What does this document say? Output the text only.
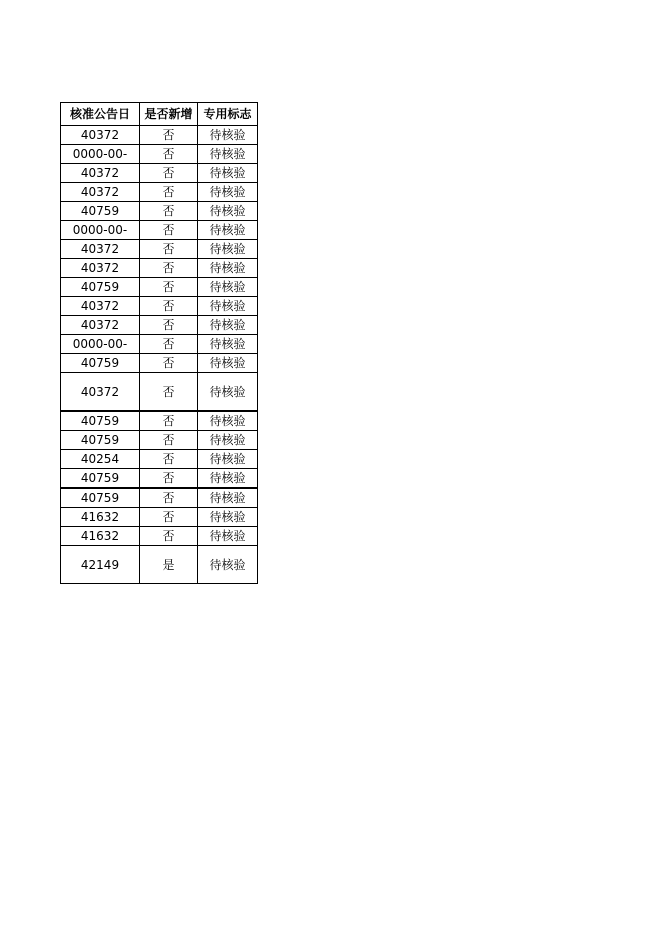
核准公告日	是否新增	专用标志
40372	否	待核验
0000-00-	否	待核验
40372	否	待核验
40372	否	待核验
40759	否	待核验
0000-00-	否	待核验
40372	否	待核验
40372	否	待核验
40759	否	待核验
40372	否	待核验
40372	否	待核验
0000-00-	否	待核验
40759	否	待核验
40372	否	待核验
40759	否	待核验
40759	否	待核验
40254	否	待核验
40759	否	待核验
40759	否	待核验
41632	否	待核验
41632	否	待核验
42149	是	待核验
